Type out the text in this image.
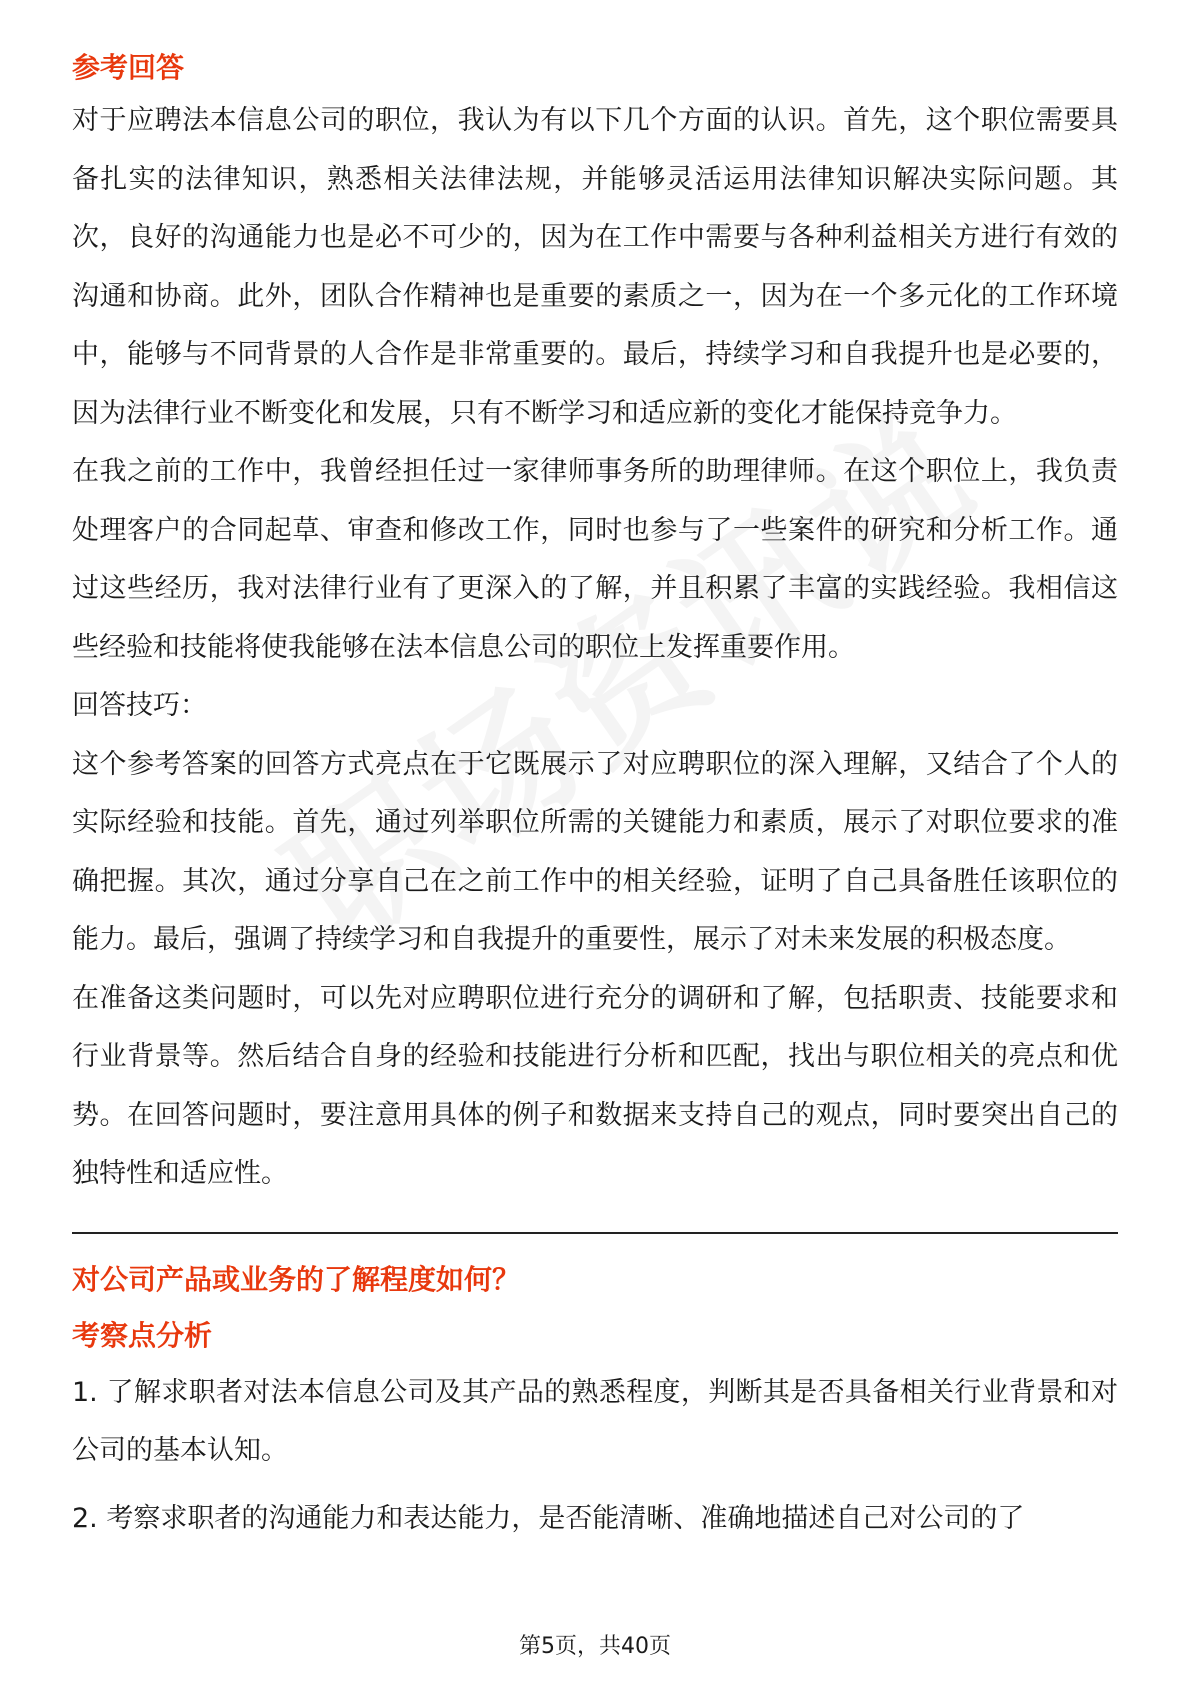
参考回答

对于应聘法本信息公司的职位，我认为有以下几个方面的认识。首先，这个职位需要具备扎实的法律知识，熟悉相关法律法规，并能够灵活运用法律知识解决实际问题。其次，良好的沟通能力也是必不可少的，因为在工作中需要与各种利益相关方进行有效的沟通和协商。此外，团队合作精神也是重要的素质之一，因为在一个多元化的工作环境中，能够与不同背景的人合作是非常重要的。最后，持续学习和自我提升也是必要的，因为法律行业不断变化和发展，只有不断学习和适应新的变化才能保持竞争力。

在我之前的工作中，我曾经担任过一家律师事务所的助理律师。在这个职位上，我负责处理客户的合同起草、审查和修改工作，同时也参与了一些案件的研究和分析工作。通过这些经历，我对法律行业有了更深入的了解，并且积累了丰富的实践经验。我相信这些经验和技能将使我能够在法本信息公司的职位上发挥重要作用。

回答技巧：

这个参考答案的回答方式亮点在于它既展示了对应聘职位的深入理解，又结合了个人的实际经验和技能。首先，通过列举职位所需的关键能力和素质，展示了对职位要求的准确把握。其次，通过分享自己在之前工作中的相关经验，证明了自己具备胜任该职位的能力。最后，强调了持续学习和自我提升的重要性，展示了对未来发展的积极态度。

在准备这类问题时，可以先对应聘职位进行充分的调研和了解，包括职责、技能要求和行业背景等。然后结合自身的经验和技能进行分析和匹配，找出与职位相关的亮点和优势。在回答问题时，要注意用具体的例子和数据来支持自己的观点，同时要突出自己的独特性和适应性。

对公司产品或业务的了解程度如何？
考察点分析

1. 了解求职者对法本信息公司及其产品的熟悉程度，判断其是否具备相关行业背景和对公司的基本认知。

2. 考察求职者的沟通能力和表达能力，是否能清晰、准确地描述自己对公司的了

第5页，共40页
